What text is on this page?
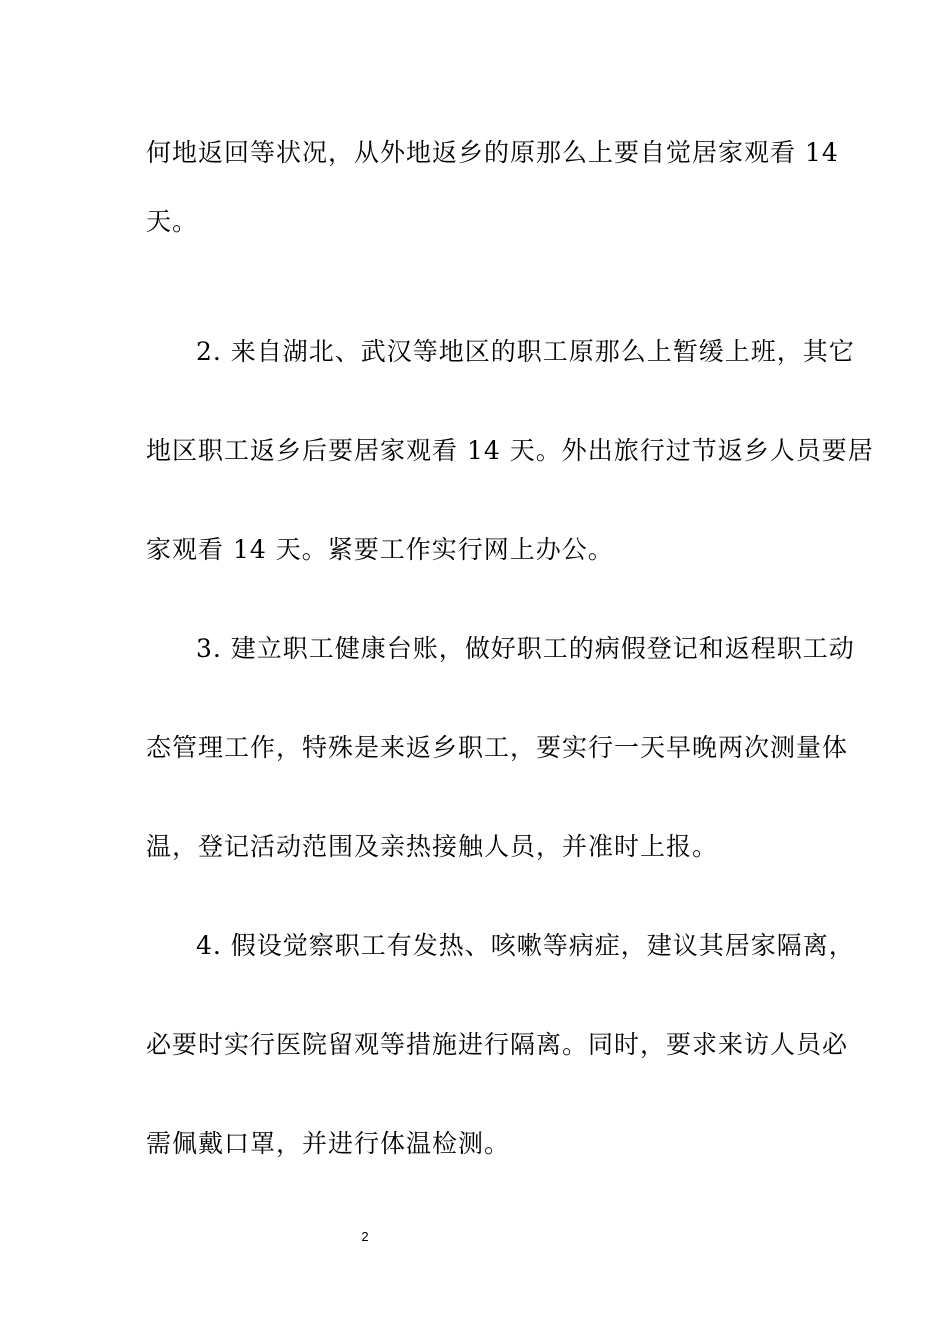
何地返回等状况，从外地返乡的原那么上要自觉居家观看 14
天。
2. 来自湖北、武汉等地区的职工原那么上暂缓上班，其它
地区职工返乡后要居家观看 14 天。外出旅行过节返乡人员要居
家观看 14 天。紧要工作实行网上办公。
3. 建立职工健康台账，做好职工的病假登记和返程职工动
态管理工作，特殊是来返乡职工，要实行一天早晚两次测量体
温，登记活动范围及亲热接触人员，并准时上报。
4. 假设觉察职工有发热、咳嗽等病症，建议其居家隔离，
必要时实行医院留观等措施进行隔离。同时，要求来访人员必
需佩戴口罩，并进行体温检测。
2
